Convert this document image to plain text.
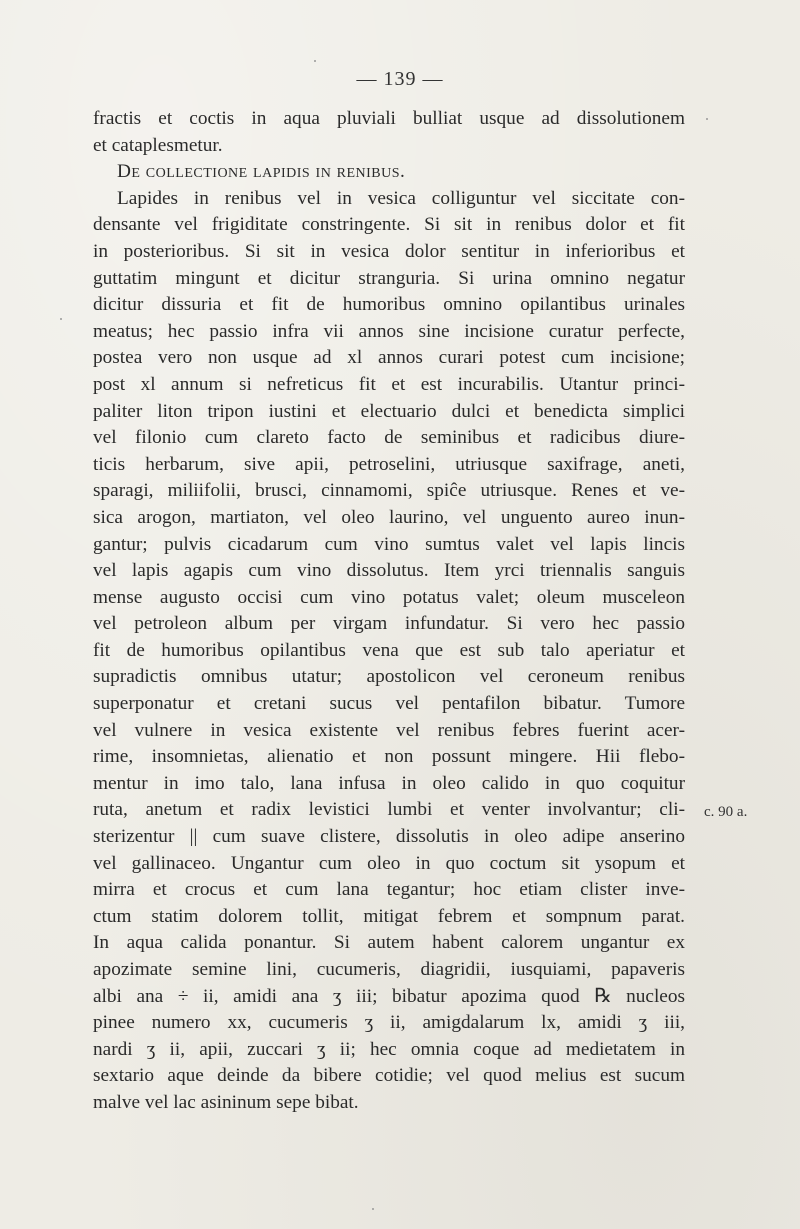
— 139 —
fractis et coctis in aqua pluviali bulliat usque ad dissolutionem
et cataplesmetur.
De collectione lapidis in renibus.
Lapides in renibus vel in vesica colliguntur vel siccitate con-
densante vel frigiditate constringente. Si sit in renibus dolor et fit
in posterioribus. Si sit in vesica dolor sentitur in inferioribus et
guttatim mingunt et dicitur stranguria. Si urina omnino negatur
dicitur dissuria et fit de humoribus omnino opilantibus urinales
meatus; hec passio infra vii annos sine incisione curatur perfecte,
postea vero non usque ad xl annos curari potest cum incisione;
post xl annum si nefreticus fit et est incurabilis. Utantur princi-
paliter liton tripon iustini et electuario dulci et benedicta simplici
vel filonio cum clareto facto de seminibus et radicibus diure-
ticis herbarum, sive apii, petroselini, utriusque saxifrage, aneti,
sparagi, miliifolii, brusci, cinnamomi, spiĉe utriusque. Renes et ve-
sica arogon, martiaton, vel oleo laurino, vel unguento aureo inun-
gantur; pulvis cicadarum cum vino sumtus valet vel lapis lincis
vel lapis agapis cum vino dissolutus. Item yrci triennalis sanguis
mense augusto occisi cum vino potatus valet; oleum musceleon
vel petroleon album per virgam infundatur. Si vero hec passio
fit de humoribus opilantibus vena que est sub talo aperiatur et
supradictis omnibus utatur; apostolicon vel ceroneum renibus
superponatur et cretani sucus vel pentafilon bibatur. Tumore
vel vulnere in vesica existente vel renibus febres fuerint acer-
rime, insomnietas, alienatio et non possunt mingere. Hii flebo-
mentur in imo talo, lana infusa in oleo calido in quo coquitur
ruta, anetum et radix levistici lumbi et venter involvantur; cli-
sterizentur || cum suave clistere, dissolutis in oleo adipe anserino
vel gallinaceo. Ungantur cum oleo in quo coctum sit ysopum et
mirra et crocus et cum lana tegantur; hoc etiam clister inve-
ctum statim dolorem tollit, mitigat febrem et sompnum parat.
In aqua calida ponantur. Si autem habent calorem ungantur ex
apozimate semine lini, cucumeris, diagridii, iusquiami, papaveris
albi ana ÷ ii, amidi ana ʒ iii; bibatur apozima quod ℞ nucleos
pinee numero xx, cucumeris ʒ ii, amigdalarum lx, amidi ʒ iii,
nardi ʒ ii, apii, zuccari ʒ ii; hec omnia coque ad medietatem in
sextario aque deinde da bibere cotidie; vel quod melius est sucum
malve vel lac asininum sepe bibat.
c. 90 a.
